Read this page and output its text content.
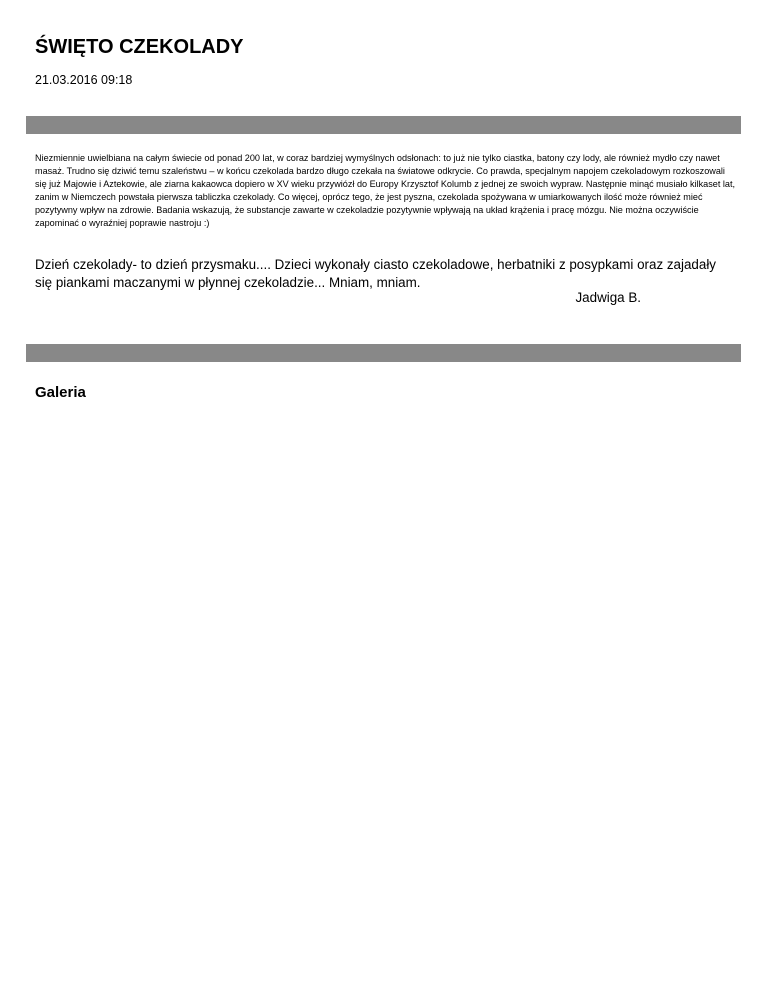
ŚWIĘTO CZEKOLADY
21.03.2016 09:18

Niezmiennie uwielbiana na całym świecie od ponad 200 lat, w coraz bardziej wymyślnych odsłonach: to już nie tylko ciastka, batony czy lody, ale również mydło czy nawet masaż. Trudno się dziwić temu szaleństwu – w końcu czekolada bardzo długo czekała na światowe odkrycie. Co prawda, specjalnym napojem czekoladowym rozkoszowali się już Majowie i Aztekowie, ale ziarna kakaowca dopiero w XV wieku przywiózł do Europy Krzysztof Kolumb z jednej ze swoich wypraw. Następnie minąć musiało kilkaset lat, zanim w Niemczech powstała pierwsza tabliczka czekolady. Co więcej, oprócz tego, że jest pyszna, czekolada spożywana w umiarkowanych ilość może również mieć pozytywny wpływ na zdrowie. Badania wskazują, że substancje zawarte w czekoladzie pozytywnie wpływają na układ krążenia i pracę mózgu. Nie można oczywiście zapominać o wyraźniej poprawie nastroju :)

Dzień czekolady- to dzień przysmaku.... Dzieci wykonały ciasto czekoladowe, herbatniki z posypkami oraz zajadały się piankami maczanymi w płynnej czekoladzie... Mniam, mniam.

Jadwiga B.
Galeria
